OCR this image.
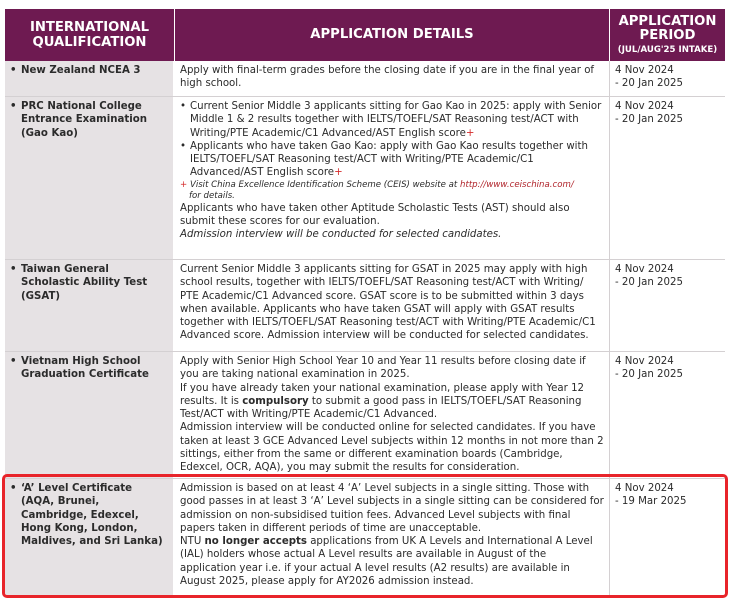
INTERNATIONAL
QUALIFICATION
APPLICATION DETAILS
APPLICATION
PERIOD
(JUL/AUG'25 INTAKE)
• New Zealand NCEA 3	Apply with final-term grades before the closing date if you are in the final year of high school.
4 Nov 2024
- 20 Jan 2025
• PRC National College Entrance Examination (Gao Kao)
• Current Senior Middle 3 applicants sitting for Gao Kao in 2025: apply with Senior Middle 1 & 2 results together with IELTS/TOEFL/SAT Reasoning test/ACT with Writing/PTE Academic/C1 Advanced/AST English score+
• Applicants who have taken Gao Kao: apply with Gao Kao results together with IELTS/TOEFL/SAT Reasoning test/ACT with Writing/PTE Academic/C1 Advanced/AST English score+
+ Visit China Excellence Identification Scheme (CEIS) website at http://www.ceischina.com/
for details.
Applicants who have taken other Aptitude Scholastic Tests (AST) should also submit these scores for our evaluation.
Admission interview will be conducted for selected candidates.
4 Nov 2024
- 20 Jan 2025
• Taiwan General Scholastic Ability Test (GSAT)
Current Senior Middle 3 applicants sitting for GSAT in 2025 may apply with high school results, together with IELTS/TOEFL/SAT Reasoning test/ACT with Writing/ PTE Academic/C1 Advanced score. GSAT score is to be submitted within 3 days when available. Applicants who have taken GSAT will apply with GSAT results together with IELTS/TOEFL/SAT Reasoning test/ACT with Writing/PTE Academic/C1 Advanced score. Admission interview will be conducted for selected candidates.
4 Nov 2024
- 20 Jan 2025
• Vietnam High School Graduation Certificate
Apply with Senior High School Year 10 and Year 11 results before closing date if you are taking national examination in 2025.
If you have already taken your national examination, please apply with Year 12 results. It is compulsory to submit a good pass in IELTS/TOEFL/SAT Reasoning Test/ACT with Writing/PTE Academic/C1 Advanced.
Admission interview will be conducted online for selected candidates. If you have taken at least 3 GCE Advanced Level subjects within 12 months in not more than 2 sittings, either from the same or different examination boards (Cambridge, Edexcel, OCR, AQA), you may submit the results for consideration.
4 Nov 2024
- 20 Jan 2025
• ‘A’ Level Certificate (AQA, Brunei, Cambridge, Edexcel, Hong Kong, London, Maldives, and Sri Lanka)
Admission is based on at least 4 ‘A’ Level subjects in a single sitting. Those with good passes in at least 3 ‘A’ Level subjects in a single sitting can be considered for admission on non-subsidised tuition fees. Advanced Level subjects with final papers taken in different periods of time are unacceptable.
NTU no longer accepts applications from UK A Levels and International A Level (IAL) holders whose actual A Level results are available in August of the application year i.e. if your actual A level results (A2 results) are available in August 2025, please apply for AY2026 admission instead.
4 Nov 2024
- 19 Mar 2025
